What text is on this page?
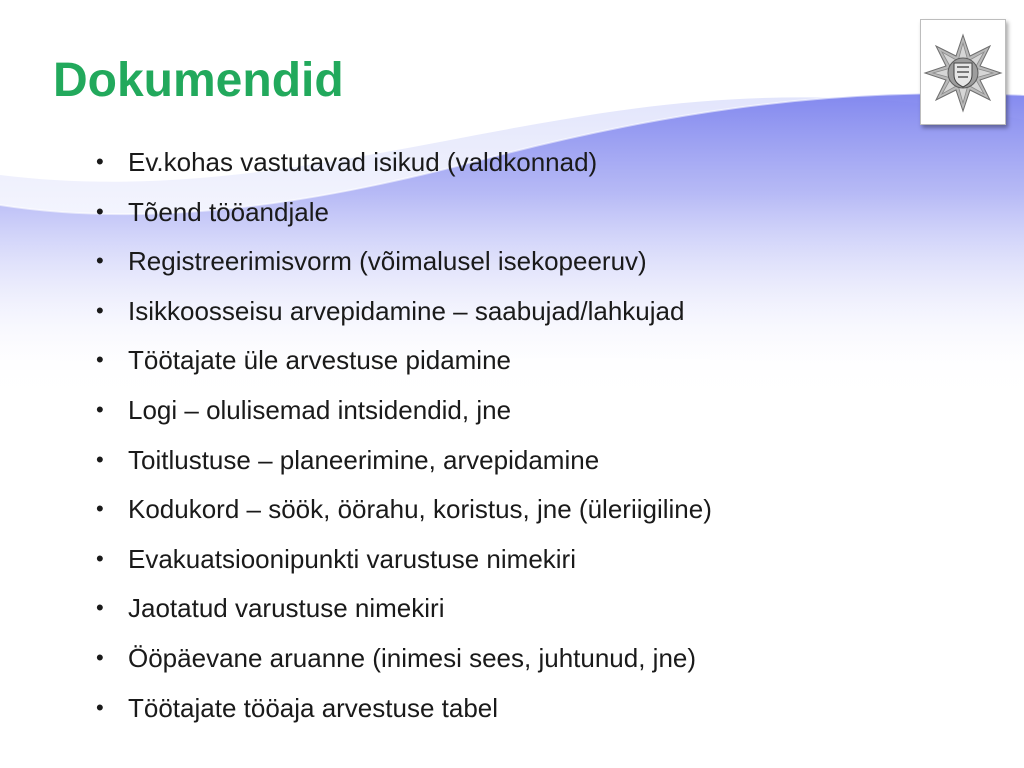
Dokumendid
• Ev.kohas vastutavad isikud (valdkonnad)
• Tõend tööandjale
• Registreerimisvorm (võimalusel isekopeeruv)
• Isikkoosseisu arvepidamine – saabujad/lahkujad
• Töötajate üle arvestuse pidamine
• Logi – olulisemad intsidendid, jne
• Toitlustuse – planeerimine, arvepidamine
• Kodukord – söök, öörahu, koristus, jne (üleriigiline)
• Evakuatsioonipunkti varustuse nimekiri
• Jaotatud varustuse nimekiri
• Ööpäevane aruanne (inimesi sees, juhtunud, jne)
• Töötajate tööaja arvestuse tabel
